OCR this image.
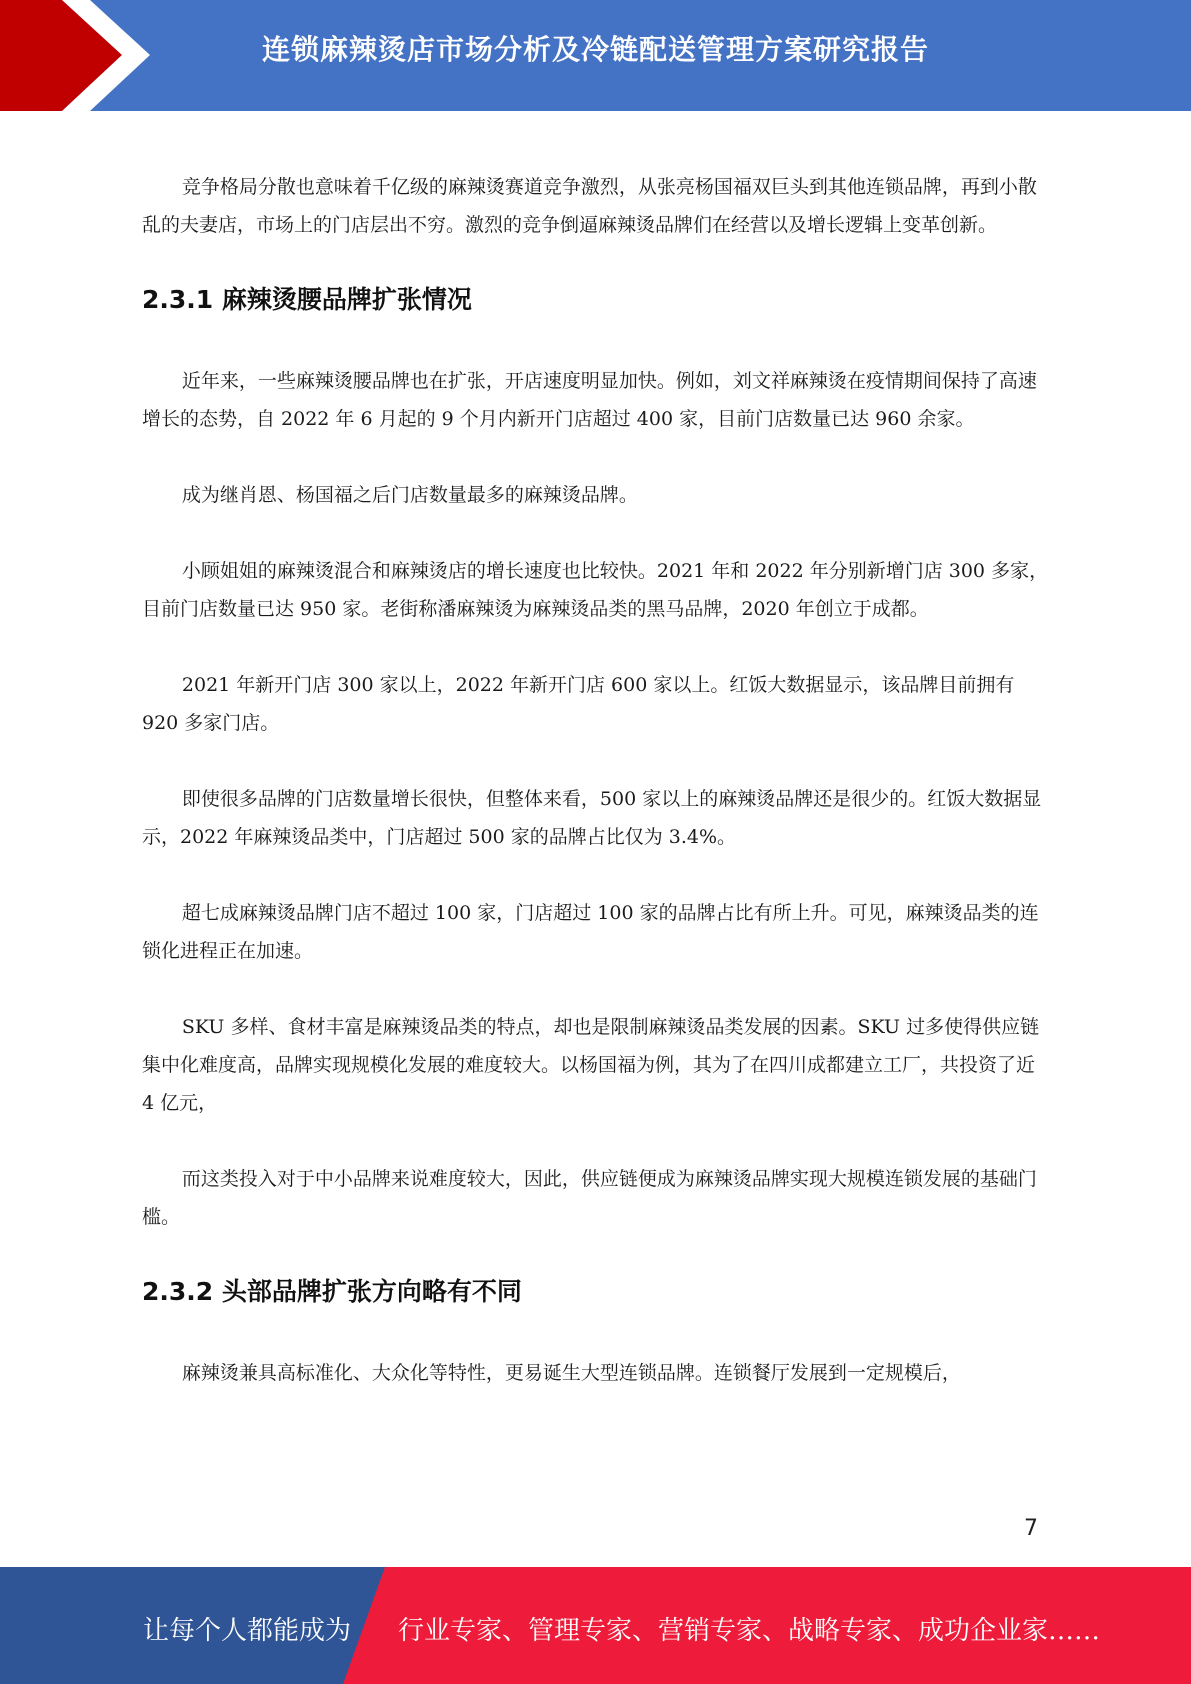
连锁麻辣烫店市场分析及冷链配送管理方案研究报告

竞争格局分散也意味着千亿级的麻辣烫赛道竞争激烈，从张亮杨国福双巨头到其他连锁品牌，再到小散乱的夫妻店，市场上的门店层出不穷。激烈的竞争倒逼麻辣烫品牌们在经营以及增长逻辑上变革创新。

2.3.1 麻辣烫腰品牌扩张情况

近年来，一些麻辣烫腰品牌也在扩张，开店速度明显加快。例如，刘文祥麻辣烫在疫情期间保持了高速增长的态势，自 2022 年 6 月起的 9 个月内新开门店超过 400 家，目前门店数量已达 960 余家。

成为继肖恩、杨国福之后门店数量最多的麻辣烫品牌。

小顾姐姐的麻辣烫混合和麻辣烫店的增长速度也比较快。2021 年和 2022 年分别新增门店 300 多家，目前门店数量已达 950 家。老街称潘麻辣烫为麻辣烫品类的黑马品牌，2020 年创立于成都。

2021 年新开门店 300 家以上，2022 年新开门店 600 家以上。红饭大数据显示，该品牌目前拥有 920 多家门店。

即使很多品牌的门店数量增长很快，但整体来看，500 家以上的麻辣烫品牌还是很少的。红饭大数据显示，2022 年麻辣烫品类中，门店超过 500 家的品牌占比仅为 3.4%。

超七成麻辣烫品牌门店不超过 100 家，门店超过 100 家的品牌占比有所上升。可见，麻辣烫品类的连锁化进程正在加速。

SKU 多样、食材丰富是麻辣烫品类的特点，却也是限制麻辣烫品类发展的因素。SKU 过多使得供应链集中化难度高，品牌实现规模化发展的难度较大。以杨国福为例，其为了在四川成都建立工厂，共投资了近 4 亿元，

而这类投入对于中小品牌来说难度较大，因此，供应链便成为麻辣烫品牌实现大规模连锁发展的基础门槛。

2.3.2 头部品牌扩张方向略有不同

麻辣烫兼具高标准化、大众化等特性，更易诞生大型连锁品牌。连锁餐厅发展到一定规模后，

7
让每个人都能成为 行业专家、管理专家、营销专家、战略专家、成功企业家……
